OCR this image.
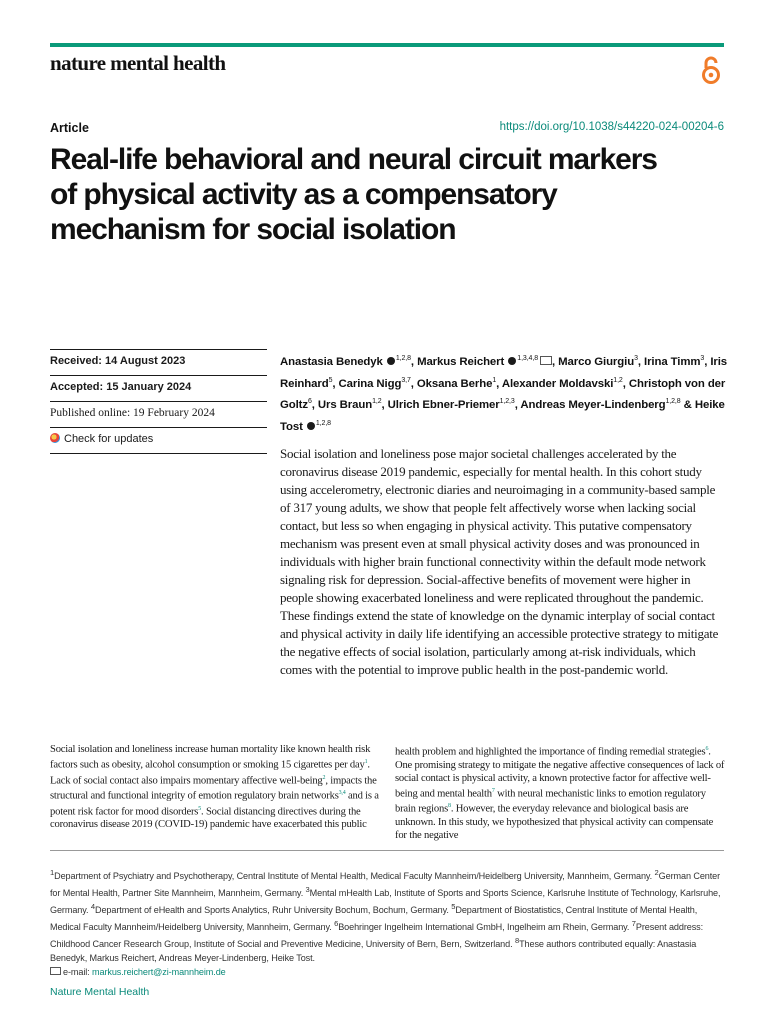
nature mental health
Article	https://doi.org/10.1038/s44220-024-00204-6
Real-life behavioral and neural circuit markers of physical activity as a compensatory mechanism for social isolation
Received: 14 August 2023
Accepted: 15 January 2024
Published online: 19 February 2024
Check for updates
Anastasia Benedyk $^{1,2,8}$, Markus Reichert $^{1,3,4,8}$ , Marco Giurgiu$^3$, Irina Timm$^3$, Iris Reinhard$^5$, Carina Nigg$^{3,7}$, Oksana Berhe$^1$, Alexander Moldavski$^{1,2}$, Christoph von der Goltz$^6$, Urs Braun$^{1,2}$, Ulrich Ebner-Priemer$^{1,2,3}$, Andreas Meyer-Lindenberg$^{1,2,8}$ & Heike Tost $^{1,2,8}$

Social isolation and loneliness pose major societal challenges accelerated by the coronavirus disease 2019 pandemic, especially for mental health. In this cohort study using accelerometry, electronic diaries and neuroimaging in a community-based sample of 317 young adults, we show that people felt affectively worse when lacking social contact, but less so when engaging in physical activity. This putative compensatory mechanism was present even at small physical activity doses and was pronounced in individuals with higher brain functional connectivity within the default mode network signaling risk for depression. Social-affective benefits of movement were higher in people showing exacerbated loneliness and were replicated throughout the pandemic. These findings extend the state of knowledge on the dynamic interplay of social contact and physical activity in daily life identifying an accessible protective strategy to mitigate the negative effects of social isolation, particularly among at-risk individuals, which comes with the potential to improve public health in the post-pandemic world.

Social isolation and loneliness increase human mortality like known health risk factors such as obesity, alcohol consumption or smoking 15 cigarettes per day$^1$. Lack of social contact also impairs momentary affective well-being$^2$, impacts the structural and functional integrity of emotion regulatory brain networks$^{3,4}$ and is a potent risk factor for mood disorders$^5$. Social distancing directives during the coronavirus disease 2019 (COVID-19) pandemic have exacerbated this public

health problem and highlighted the importance of finding remedial strategies$^6$. One promising strategy to mitigate the negative affective consequences of lack of social contact is physical activity, a known protective factor for affective well-being and mental health$^7$ with neural mechanistic links to emotion regulatory brain regions$^8$. However, the everyday relevance and biological basis are unknown. In this study, we hypothesized that physical activity can compensate for the negative

$^1$Department of Psychiatry and Psychotherapy, Central Institute of Mental Health, Medical Faculty Mannheim/Heidelberg University, Mannheim, Germany. $^2$German Center for Mental Health, Partner Site Mannheim, Mannheim, Germany. $^3$Mental mHealth Lab, Institute of Sports and Sports Science, Karlsruhe Institute of Technology, Karlsruhe, Germany. $^4$Department of eHealth and Sports Analytics, Ruhr University Bochum, Bochum, Germany. $^5$Department of Biostatistics, Central Institute of Mental Health, Medical Faculty Mannheim/Heidelberg University, Mannheim, Germany. $^6$Boehringer Ingelheim International GmbH, Ingelheim am Rhein, Germany. $^7$Present address: Childhood Cancer Research Group, Institute of Social and Preventive Medicine, University of Bern, Bern, Switzerland. $^8$These authors contributed equally: Anastasia Benedyk, Markus Reichert, Andreas Meyer-Lindenberg, Heike Tost.
e-mail: markus.reichert@zi-mannheim.de

Nature Mental Health
